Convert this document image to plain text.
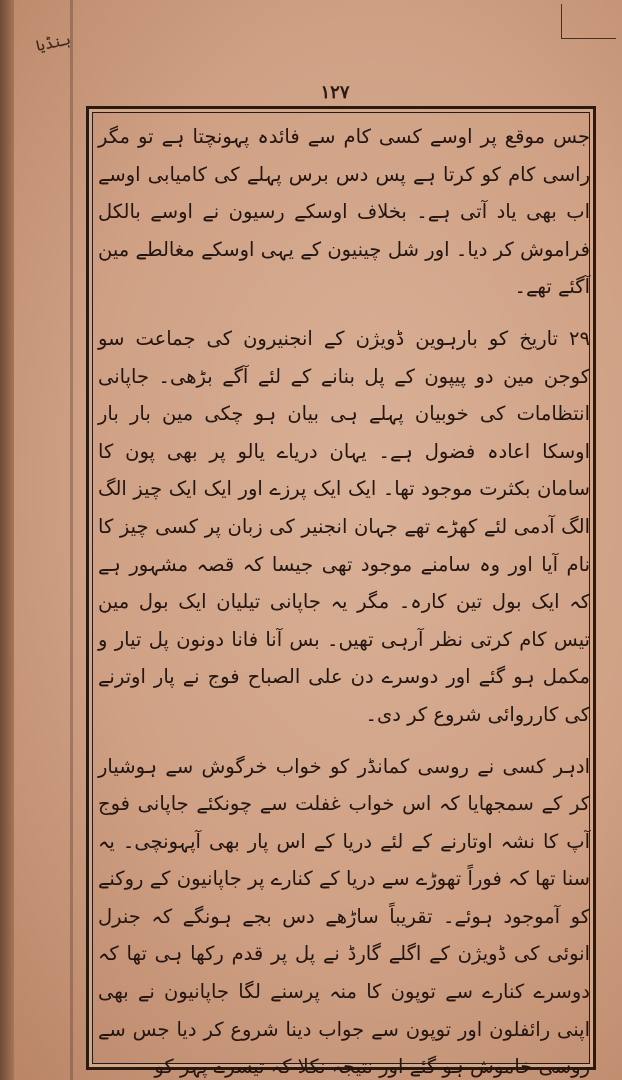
ہنڈیا
۱۲۷

جس موقع پر اوسے کسی کام سے فائدہ پہونچتا ہے تو مگر راسی کام کو کرتا ہے پس دس برس پہلے کی کامیابی اوسے اب بھی یاد آتی ہے۔ بخلاف اوسکے رسیون نے اوسے بالکل فراموش کر دیا۔ اور شل چینیون کے یہی اوسکے مغالطے مین آگئے تھے۔

۲۹ تاریخ کو بارہوین ڈویژن کے انجنیرون کی جماعت سو کوجن مین دو پیپون کے پل بنانے کے لئے آگے بڑھی۔ جاپانی انتظامات کی خوبیان پہلے ہی بیان ہو چکی مین بار بار اوسکا اعادہ فضول ہے۔ یہان دریاے یالو پر بھی پون کا سامان بکثرت موجود تھا۔ ایک ایک پرزے اور ایک ایک چیز الگ الگ آدمی لئے کھڑے تھے جہان انجنیر کی زبان پر کسی چیز کا نام آیا اور وہ سامنے موجود تھی جیسا کہ قصہ مشہور ہے کہ ایک بول تین کارہ۔ مگر یہ جاپانی تیلیان ایک بول مین تیس کام کرتی نظر آرہی تھیں۔ بس آنا فانا دونون پل تیار و مکمل ہو گئے اور دوسرے دن علی الصباح فوج نے پار اوترنے کی کارروائی شروع کر دی۔

ادہر کسی نے روسی کمانڈر کو خواب خرگوش سے ہوشیار کر کے سمجھایا کہ اس خواب غفلت سے چونکئے جاپانی فوج آپ کا نشہ اوتارنے کے لئے دریا کے اس پار بھی آپہونچی۔ یہ سنا تھا کہ فوراً تھوڑے سے دریا کے کنارے پر جاپانیون کے روکنے کو آموجود ہوئے۔ تقریباً ساڑھے دس بجے ہونگے کہ جنرل انوئی کی ڈویژن کے اگلے گارڈ نے پل پر قدم رکھا ہی تھا کہ دوسرے کنارے سے توپون کا منہ پرسنے لگا جاپانیون نے بھی اپنی رائفلون اور توپون سے جواب دینا شروع کر دیا جس سے روسی خاموش ہو گئے اور نتیجہ نکلا کہ تیسرے پہر کو
